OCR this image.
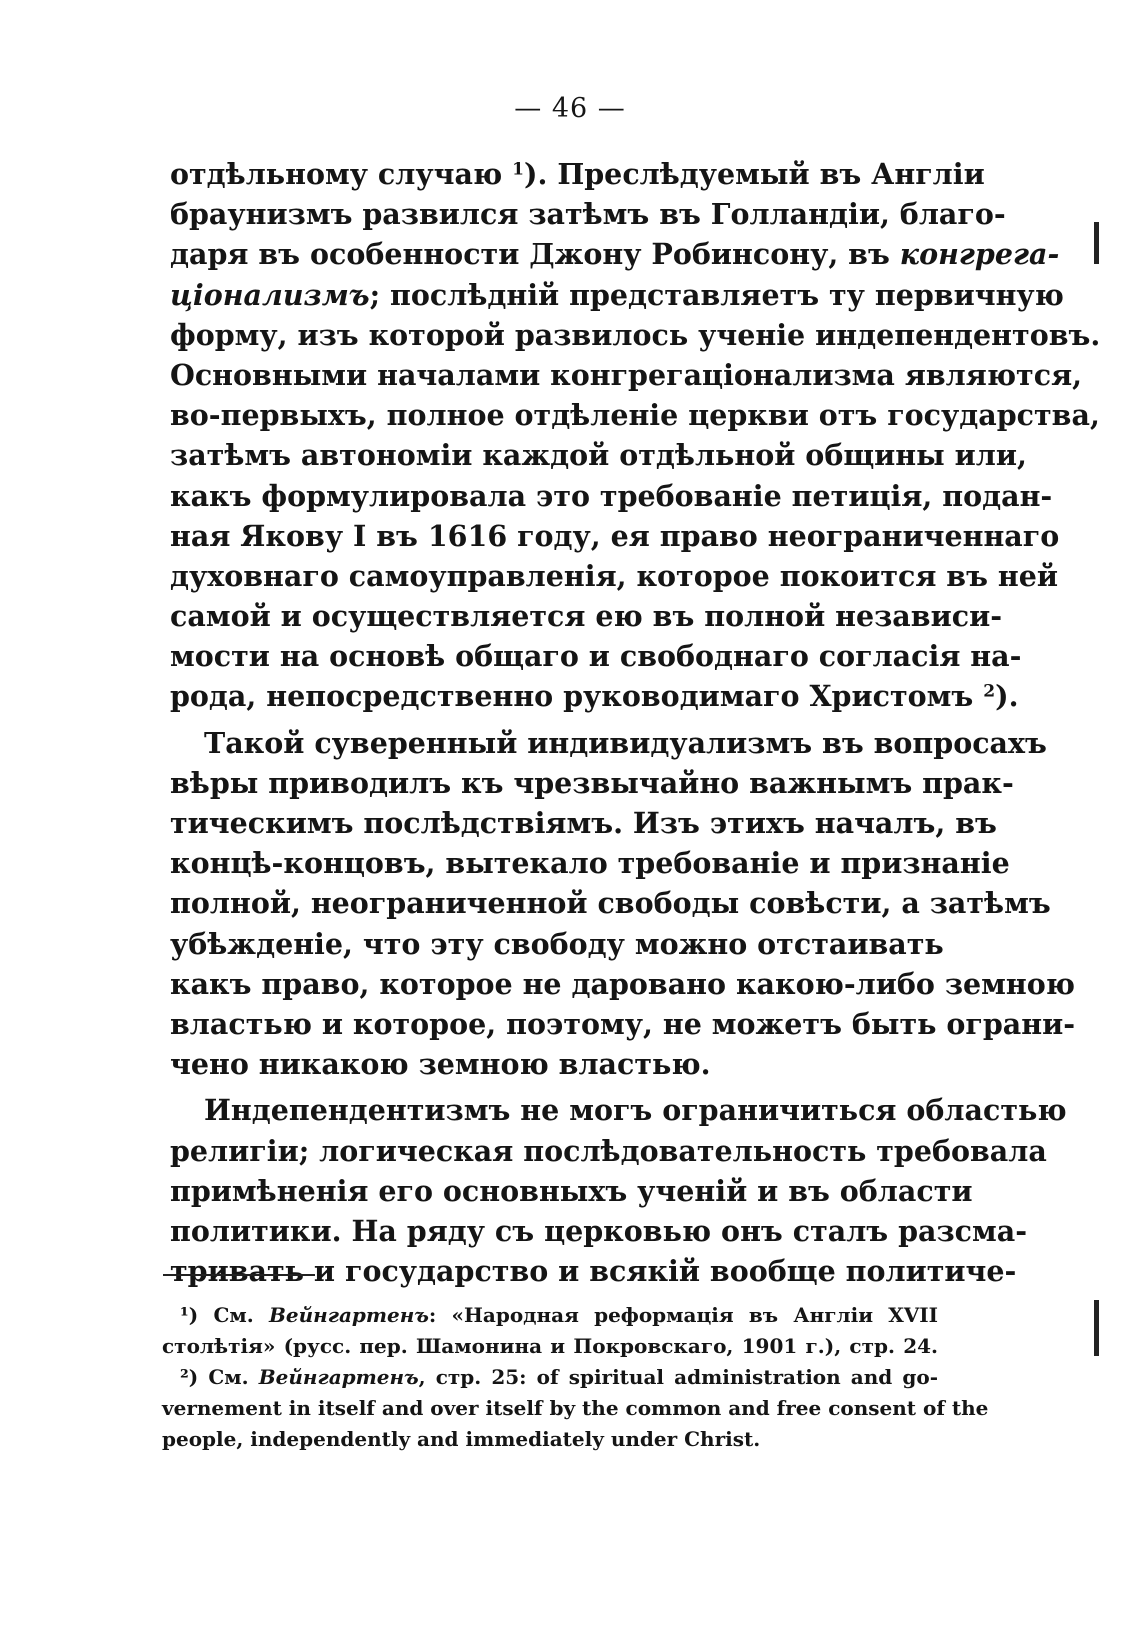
— 46 —
отдѣльному случаю $^1$). Преслѣдуемый въ Англіи
браунизмъ развился затѣмъ въ Голландіи, благо-
даря въ особенности Джону Робинсону, въ конгрега-
ціонализмъ; послѣдній представляетъ ту первичную
форму, изъ которой развилось ученіе индепендентовъ.
Основными началами конгрегаціонализма являются,
во-первыхъ, полное отдѣленіе церкви отъ государства,
затѣмъ автономіи каждой отдѣльной общины или,
какъ формулировала это требованіе петиція, подан-
ная Якову I въ 1616 году, ея право неограниченнаго
духовнаго самоуправленія, которое покоится въ ней
самой и осуществляется ею въ полной независи-
мости на основѣ общаго и свободнаго согласія на-
рода, непосредственно руководимаго Христомъ $^2$).
Такой суверенный индивидуализмъ въ вопросахъ
вѣры приводилъ къ чрезвычайно важнымъ прак-
тическимъ послѣдствіямъ. Изъ этихъ началъ, въ
концѣ-концовъ, вытекало требованіе и признаніе
полной, неограниченной свободы совѣсти, а затѣмъ
убѣжденіе, что эту свободу можно отстаивать
какъ право, которое не даровано какою-либо земною
властью и которое, поэтому, не можетъ быть ограни-
чено никакою земною властью.
Индепендентизмъ не могъ ограничиться областью
религіи; логическая послѣдовательность требовала
примѣненія его основныхъ ученій и въ области
политики. На ряду съ церковью онъ сталъ разсма-
тривать и государство и всякій вообще политиче-
¹) См. Вейнгартенъ: «Народная реформація въ Англіи XVII
столѣтія» (русс. пер. Шамонина и Покровскаго, 1901 г.), стр. 24.
²) См. Вейнгартенъ, стр. 25: of spiritual administration and go-
vernement in itself and over itself by the common and free consent of the
people, independently and immediately under Christ.
